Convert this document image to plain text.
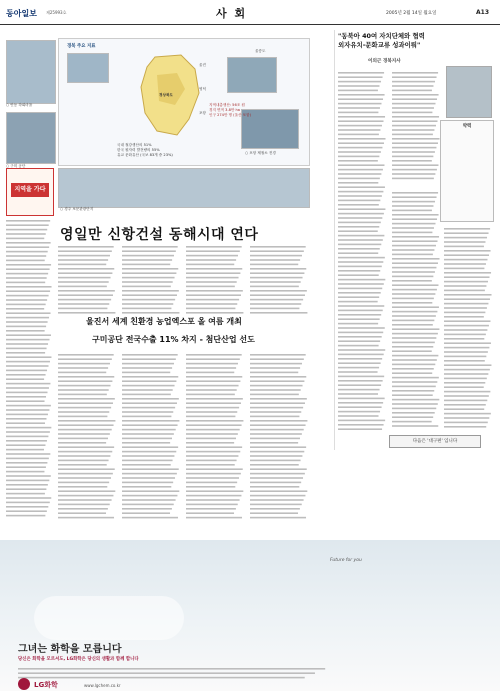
동아일보 제25993호	사 회	2005년 2월 14일 월요일	A13
경북 주요 지표
경상북도
포항
울진
영덕
울릉도
지역내총생산: 56조 원
경지 면적 3.8만 ha
인구 274만 명 (울산 포함)
국내 철강생산의 51%
한국 원자력 발전량의 55%
유교 문화유산 (국보 83개 중 23%)	○ 포항 제철소 전경
○ 안동 하회마을
○ 구미 공단
○ 경주 보문관광단지
지역을 가다
영일만 신항건설 동해시대 연다
울진서 세계 친환경 농업엑스포 올 여름 개최
구미공단 전국수출 11% 차지 - 첨단산업 선도
"동북아 40여 자치단체와 협력
외자유치-문화교류 성과이뤄"
이의근 경북지사
약력
다음은 '대구편' 입니다
Future for you
그녀는 화학을 모릅니다
당신은 화학을 모르셔도, LG화학은 당신의 생활과 함께 합니다
LG화학	www.lgchem.co.kr
